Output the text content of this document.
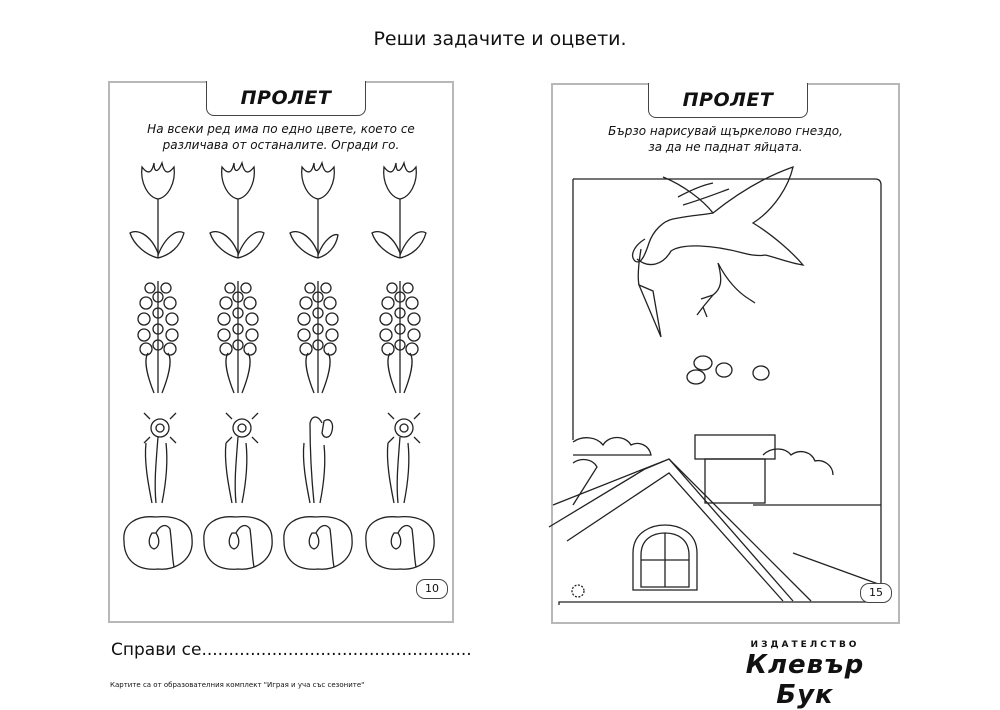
Реши задачите и оцвети.
ПРОЛЕТ
На всеки ред има по едно цвете, което се
различава от останалите. Огради го.
10
ПРОЛЕТ
Бързо нарисувай щъркелово гнездо,
за да не паднат яйцата.
15
Справи се..................................................
Картите са от образователния комплект "Играя и уча със сезоните"
ИЗДАТЕЛСТВО
Клевър Бук
